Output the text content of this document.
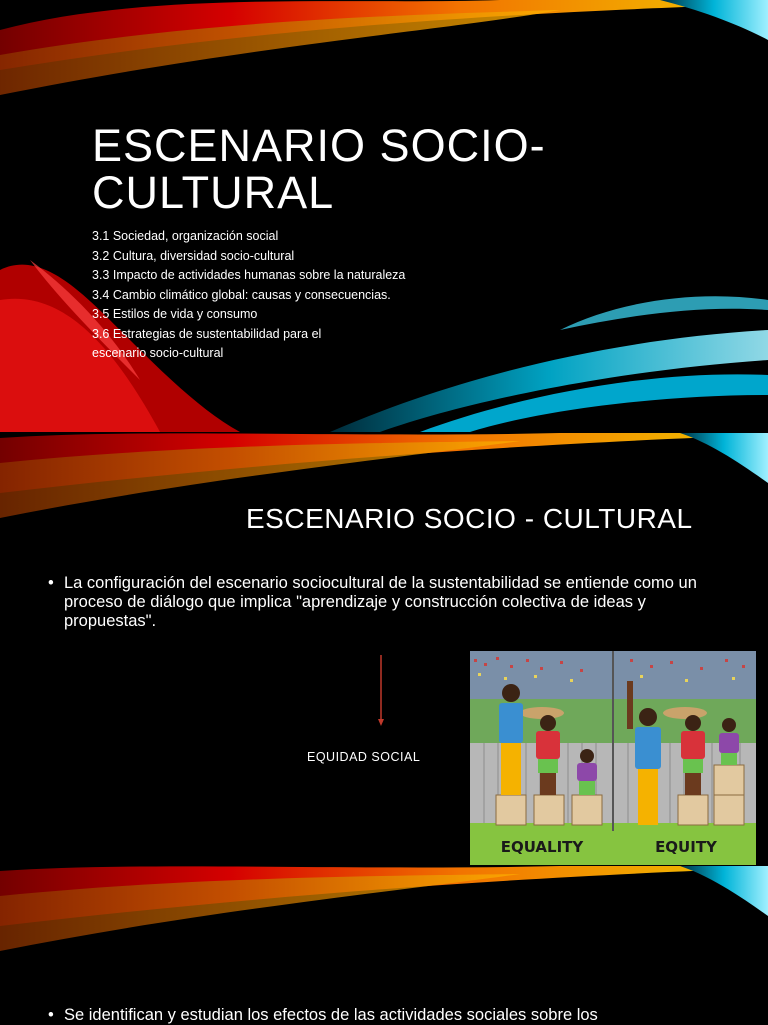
ESCENARIO SOCIO-CULTURAL
3.1 Sociedad, organización social
3.2 Cultura, diversidad socio-cultural
3.3 Impacto de actividades humanas sobre la naturaleza
3.4 Cambio climático global: causas y consecuencias.
3.5 Estilos de vida y consumo
3.6 Estrategias de sustentabilidad para el escenario socio-cultural
ESCENARIO SOCIO - CULTURAL
• La configuración del escenario sociocultural de la sustentabilidad se entiende como un proceso de diálogo que implica "aprendizaje y construcción colectiva de ideas y propuestas".
EQUIDAD SOCIAL
EQUALITY	EQUITY
• Se identifican y estudian los efectos de las actividades sociales sobre los
